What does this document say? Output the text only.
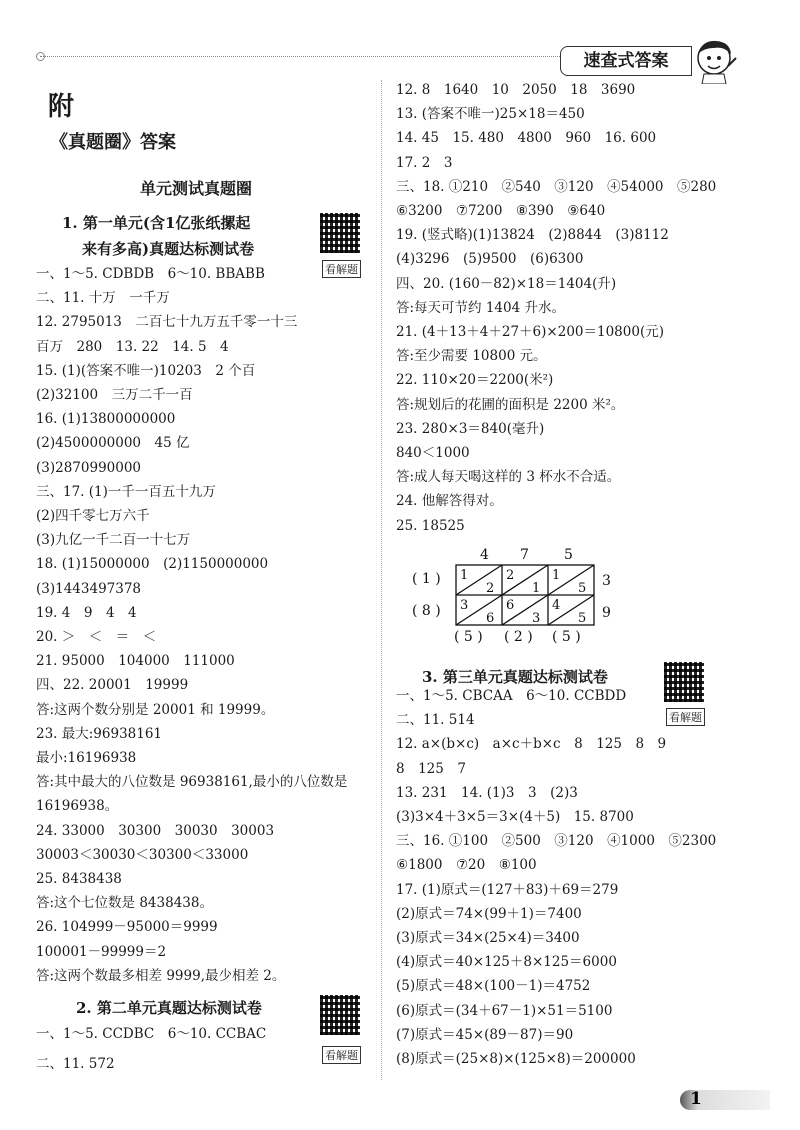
速查式答案
附
《真题圈》答案
单元测试真题圈
1. 第一单元(含1亿张纸摞起
来有多高)真题达标测试卷
看解题
一、1～5. CDBDB　6～10. BBABB
二、11. 十万　一千万
12. 2795013　二百七十九万五千零一十三
百万　280　13. 22　14. 5　4
15. (1)(答案不唯一)10203　2 个百
(2)32100　三万二千一百
16. (1)13800000000
(2)4500000000　45 亿
(3)2870990000
三、17. (1)一千一百五十九万
(2)四千零七万六千
(3)九亿一千二百一十七万
18. (1)15000000　(2)1150000000
(3)1443497378
19. 4　9　4　4
20. ＞　＜　＝　＜
21. 95000　104000　111000
四、22. 20001　19999
答:这两个数分别是 20001 和 19999。
23. 最大:96938161
最小:16196938
答:其中最大的八位数是 96938161,最小的八位数是
16196938。
24. 33000　30300　30030　30003
30003＜30030＜30300＜33000
25. 8438438
答:这个七位数是 8438438。
26. 104999－95000＝9999
100001－99999＝2
答:这两个数最多相差 9999,最少相差 2。
2. 第二单元真题达标测试卷
看解题
一、1～5. CCDBC　6～10. CCBAC
二、11. 572
12. 8　1640　10　2050　18　3690
13. (答案不唯一)25×18＝450
14. 45　15. 480　4800　960　16. 600
17. 2　3
三、18. ①210　②540　③120　④54000　⑤280
⑥3200　⑦7200　⑧390　⑨640
19. (竖式略)(1)13824　(2)8844　(3)8112
(4)3296　(5)9500　(6)6300
四、20. (160－82)×18＝1404(升)
答:每天可节约 1404 升水。
21. (4＋13＋4＋27＋6)×200＝10800(元)
答:至少需要 10800 元。
22. 110×20＝2200(米²)
答:规划后的花圃的面积是 2200 米²。
23. 280×3＝840(毫升)
840＜1000
答:成人每天喝这样的 3 杯水不合适。
24. 他解答得对。
25. 18525
4 7	5
( 1 )
( 8 )
3
9
( 5 ) ( 2 ) ( 5 )
1
2
2
1
1
5
3
6
6
3
4
5
3. 第三单元真题达标测试卷
看解题
一、1～5. CBCAA　6～10. CCBDD
二、11. 514
12. a×(b×c)　a×c＋b×c　8　125　8　9
8　125　7
13. 231　14. (1)3　3　(2)3
(3)3×4＋3×5＝3×(4＋5)　15. 8700
三、16. ①100　②500　③120　④1000　⑤2300
⑥1800　⑦20　⑧100
17. (1)原式＝(127＋83)＋69＝279
(2)原式＝74×(99＋1)＝7400
(3)原式＝34×(25×4)＝3400
(4)原式＝40×125＋8×125＝6000
(5)原式＝48×(100－1)＝4752
(6)原式＝(34＋67－1)×51＝5100
(7)原式＝45×(89－87)＝90
(8)原式＝(25×8)×(125×8)＝200000
1
